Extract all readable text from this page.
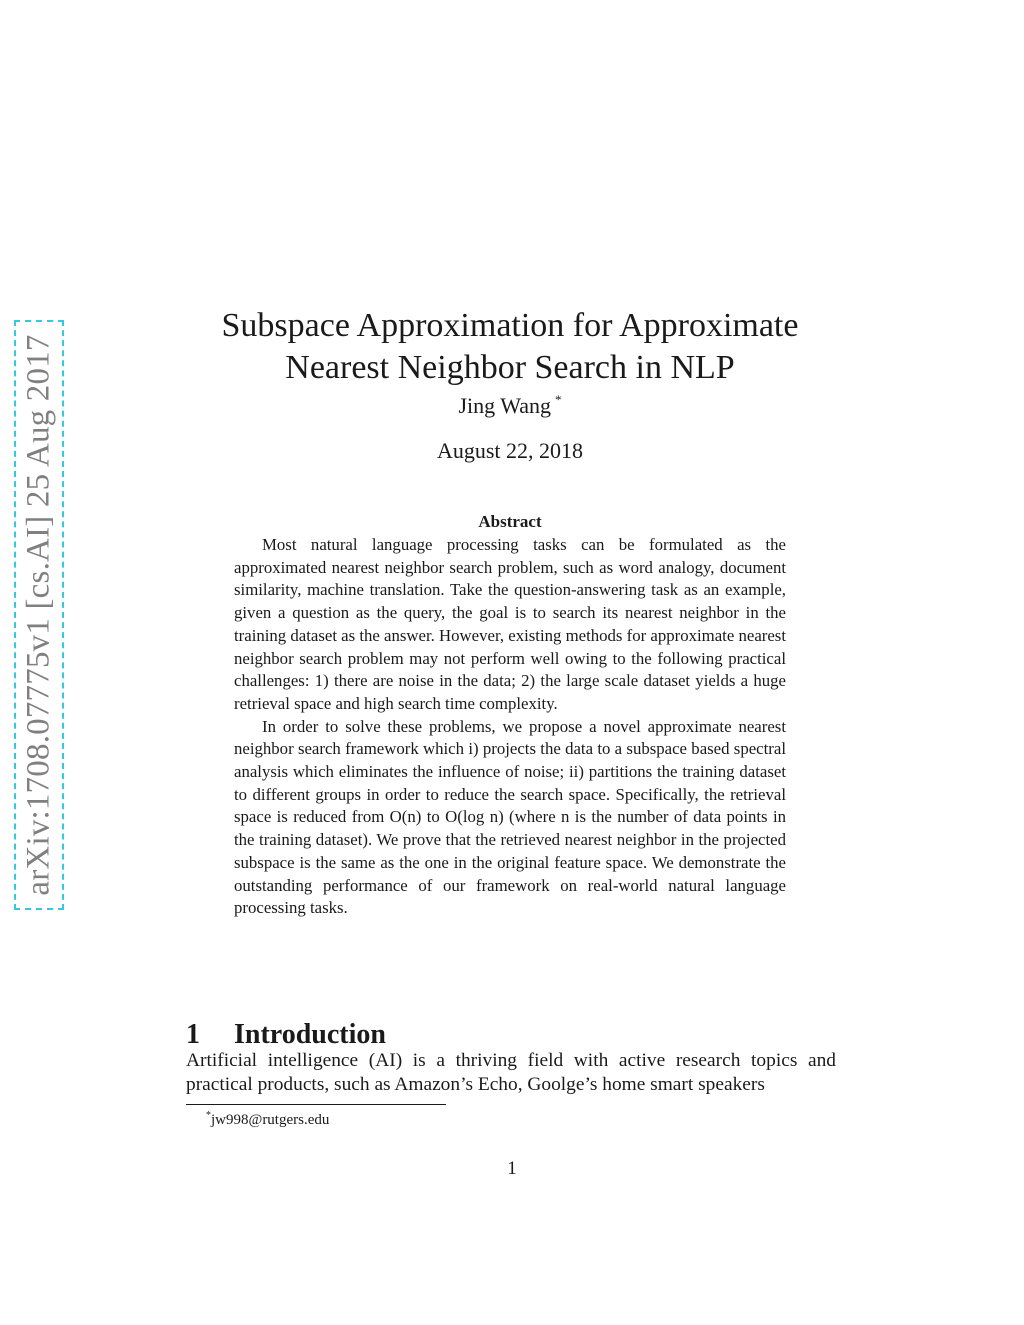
arXiv:1708.07775v1 [cs.AI] 25 Aug 2017
Subspace Approximation for Approximate
Nearest Neighbor Search in NLP
Jing Wang *
August 22, 2018
Abstract

Most natural language processing tasks can be formulated as the approximated nearest neighbor search problem, such as word analogy, document similarity, machine translation. Take the question-answering task as an example, given a question as the query, the goal is to search its nearest neighbor in the training dataset as the answer. However, existing methods for approximate nearest neighbor search problem may not perform well owing to the following practical challenges: 1) there are noise in the data; 2) the large scale dataset yields a huge retrieval space and high search time complexity.

In order to solve these problems, we propose a novel approximate nearest neighbor search framework which i) projects the data to a subspace based spectral analysis which eliminates the influence of noise; ii) partitions the training dataset to different groups in order to reduce the search space. Specifically, the retrieval space is reduced from O(n) to O(log n) (where n is the number of data points in the training dataset). We prove that the retrieved nearest neighbor in the projected subspace is the same as the one in the original feature space. We demonstrate the outstanding performance of our framework on real-world natural language processing tasks.

1 Introduction

Artificial intelligence (AI) is a thriving field with active research topics and practical products, such as Amazon’s Echo, Goolge’s home smart speakers

*jw998@rutgers.edu
1
